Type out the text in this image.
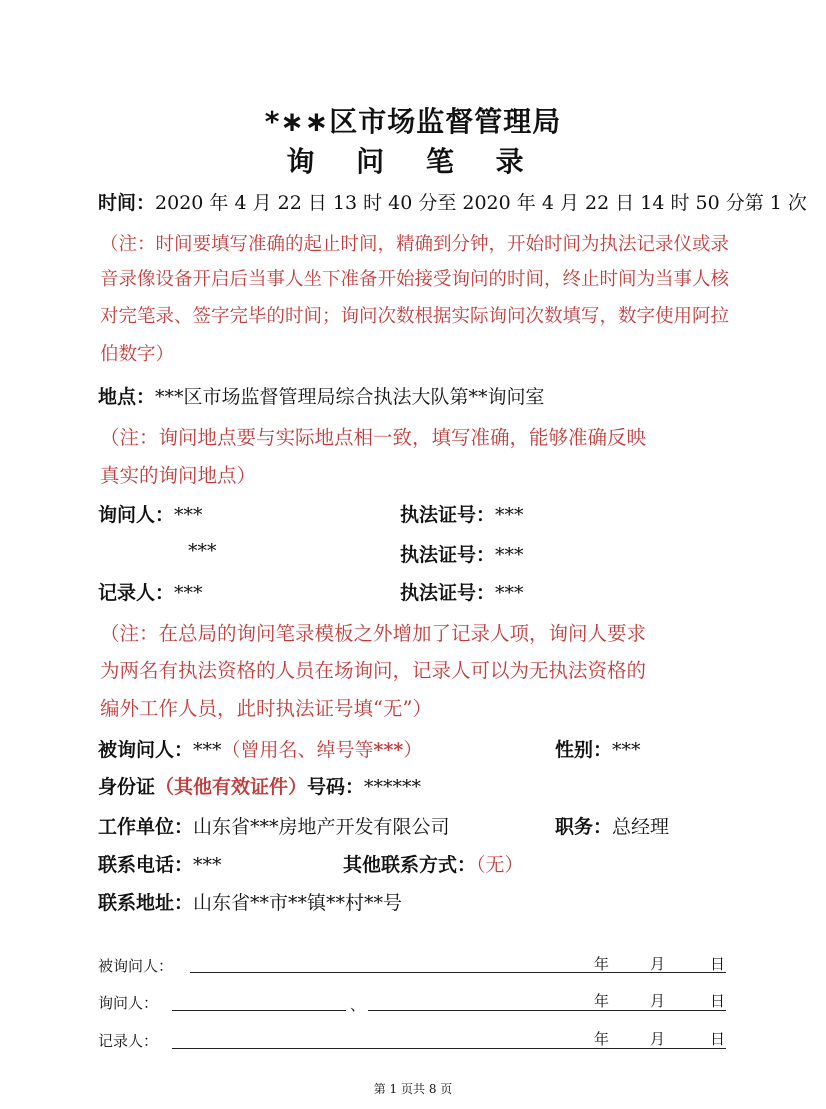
*∗∗区市场监督管理局
询 问 笔 录
时间：2020 年 4 月 22 日 13 时 40 分至 2020 年 4 月 22 日 14 时 50 分第 1 次
（注：时间要填写准确的起止时间，精确到分钟，开始时间为执法记录仪或录
音录像设备开启后当事人坐下准备开始接受询问的时间，终止时间为当事人核
对完笔录、签字完毕的时间；询问次数根据实际询问次数填写，数字使用阿拉
伯数字）
地点：***区市场监督管理局综合执法大队第**询问室
（注：询问地点要与实际地点相一致，填写准确，能够准确反映
真实的询问地点）
询问人：***	执法证号：***
***	执法证号：***
记录人：***	执法证号：***
（注：在总局的询问笔录模板之外增加了记录人项，询问人要求
为两名有执法资格的人员在场询问，记录人可以为无执法资格的
编外工作人员，此时执法证号填“无”）
被询问人：***（曾用名、绰号等***）	性别：***
身份证（其他有效证件）号码：******
工作单位：山东省***房地产开发有限公司	职务：总经理
联系电话：***	其他联系方式：（无）
联系地址：山东省**市**镇**村**号
被询问人：	年	月	日
询问人：	、	年	月	日
记录人：	年	月	日
第 1 页共 8 页
